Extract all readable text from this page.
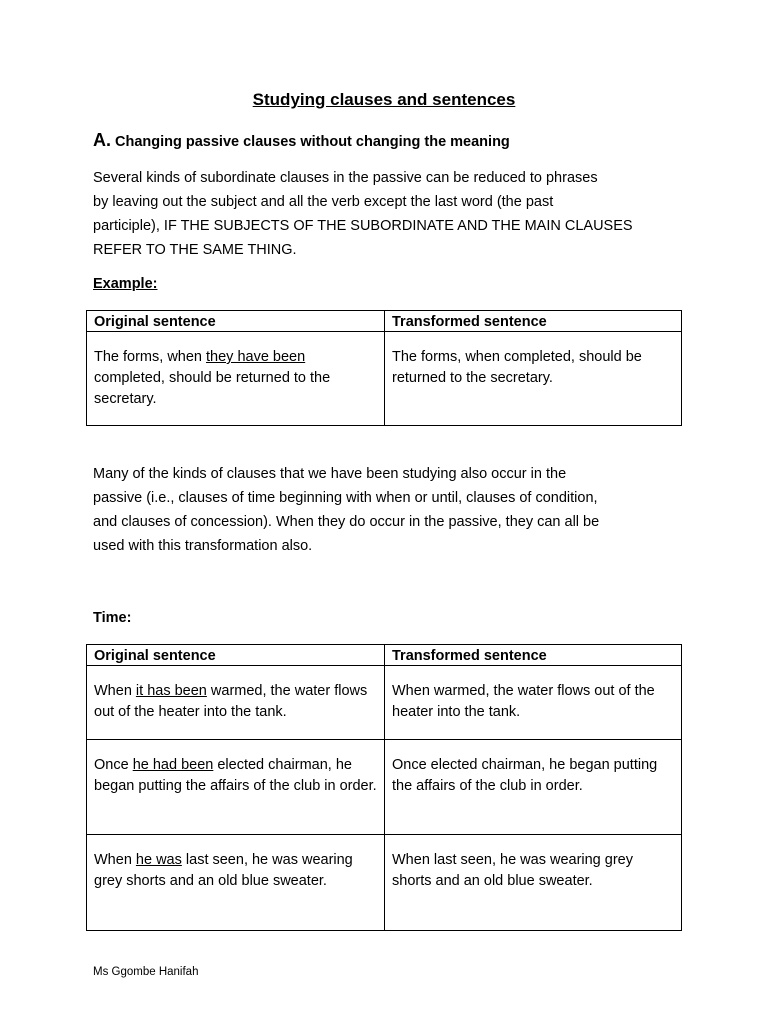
Studying clauses and sentences
A. Changing passive clauses without changing the meaning
Several kinds of subordinate clauses in the passive can be reduced to phrases
by leaving out the subject and all the verb except the last word (the past
participle), IF THE SUBJECTS OF THE SUBORDINATE AND THE MAIN CLAUSES
REFER TO THE SAME THING.
Example:
Original sentence	Transformed sentence
The forms, when they have been completed, should be returned to the secretary.	The forms, when completed, should be returned to the secretary.
Many of the kinds of clauses that we have been studying also occur in the
passive (i.e., clauses of time beginning with when or until, clauses of condition,
and clauses of concession). When they do occur in the passive, they can all be
used with this transformation also.
Time:
Original sentence	Transformed sentence
When it has been warmed, the water flows out of the heater into the tank.	When warmed, the water flows out of the heater into the tank.
Once he had been elected chairman, he began putting the affairs of the club in order.	Once elected chairman, he began putting the affairs of the club in order.
When he was last seen, he was wearing grey shorts and an old blue sweater.	When last seen, he was wearing grey shorts and an old blue sweater.
Ms Ggombe Hanifah
